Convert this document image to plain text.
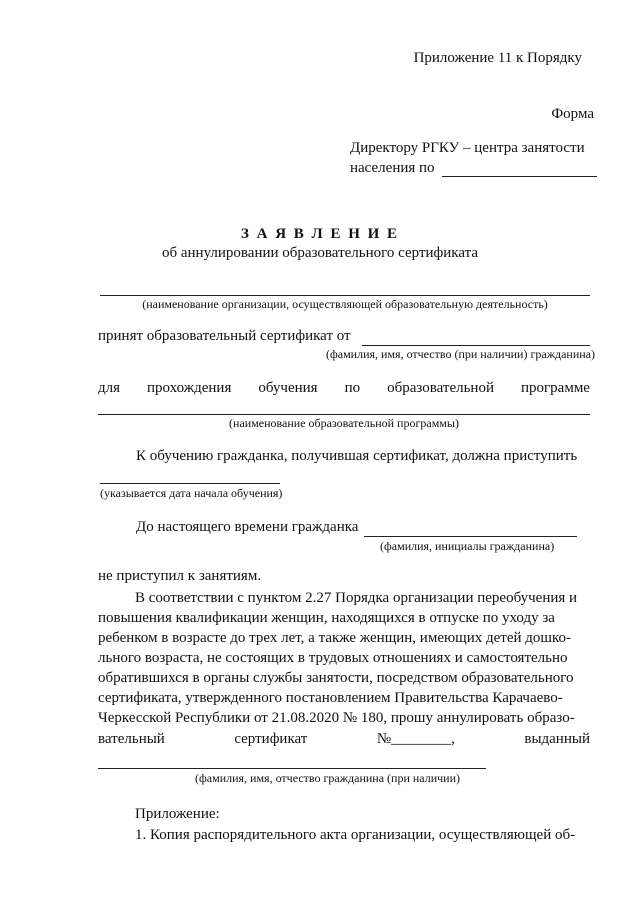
Приложение 11 к Порядку
Форма
Директору РГКУ – центра занятости
населения по
З А Я В Л Е Н И Е
об аннулировании образовательного сертификата
(наименование организации, осуществляющей образовательную деятельность)
принят образовательный сертификат от
(фамилия, имя, отчество (при наличии) гражданина)
для прохождения обучения по образовательной программе
(наименование образовательной программы)
К обучению гражданка, получившая сертификат, должна приступить
(указывается дата начала обучения)
До настоящего времени гражданка
(фамилия, инициалы гражданина)
не приступил к занятиям.
В соответствии с пунктом 2.27 Порядка организации переобучения и
повышения квалификации женщин, находящихся в отпуске по уходу за
ребенком в возрасте до трех лет, а также женщин, имеющих детей дошко-
льного возраста, не состоящих в трудовых отношениях и самостоятельно
обратившихся в органы службы занятости, посредством образовательного
сертификата, утвержденного постановлением Правительства Карачаево-
Черкесской Республики от 21.08.2020 № 180, прошу аннулировать образо-
вательный	сертификат	№________,	выданный
(фамилия, имя, отчество гражданина (при наличии)
Приложение:
1. Копия распорядительного акта организации, осуществляющей об-
